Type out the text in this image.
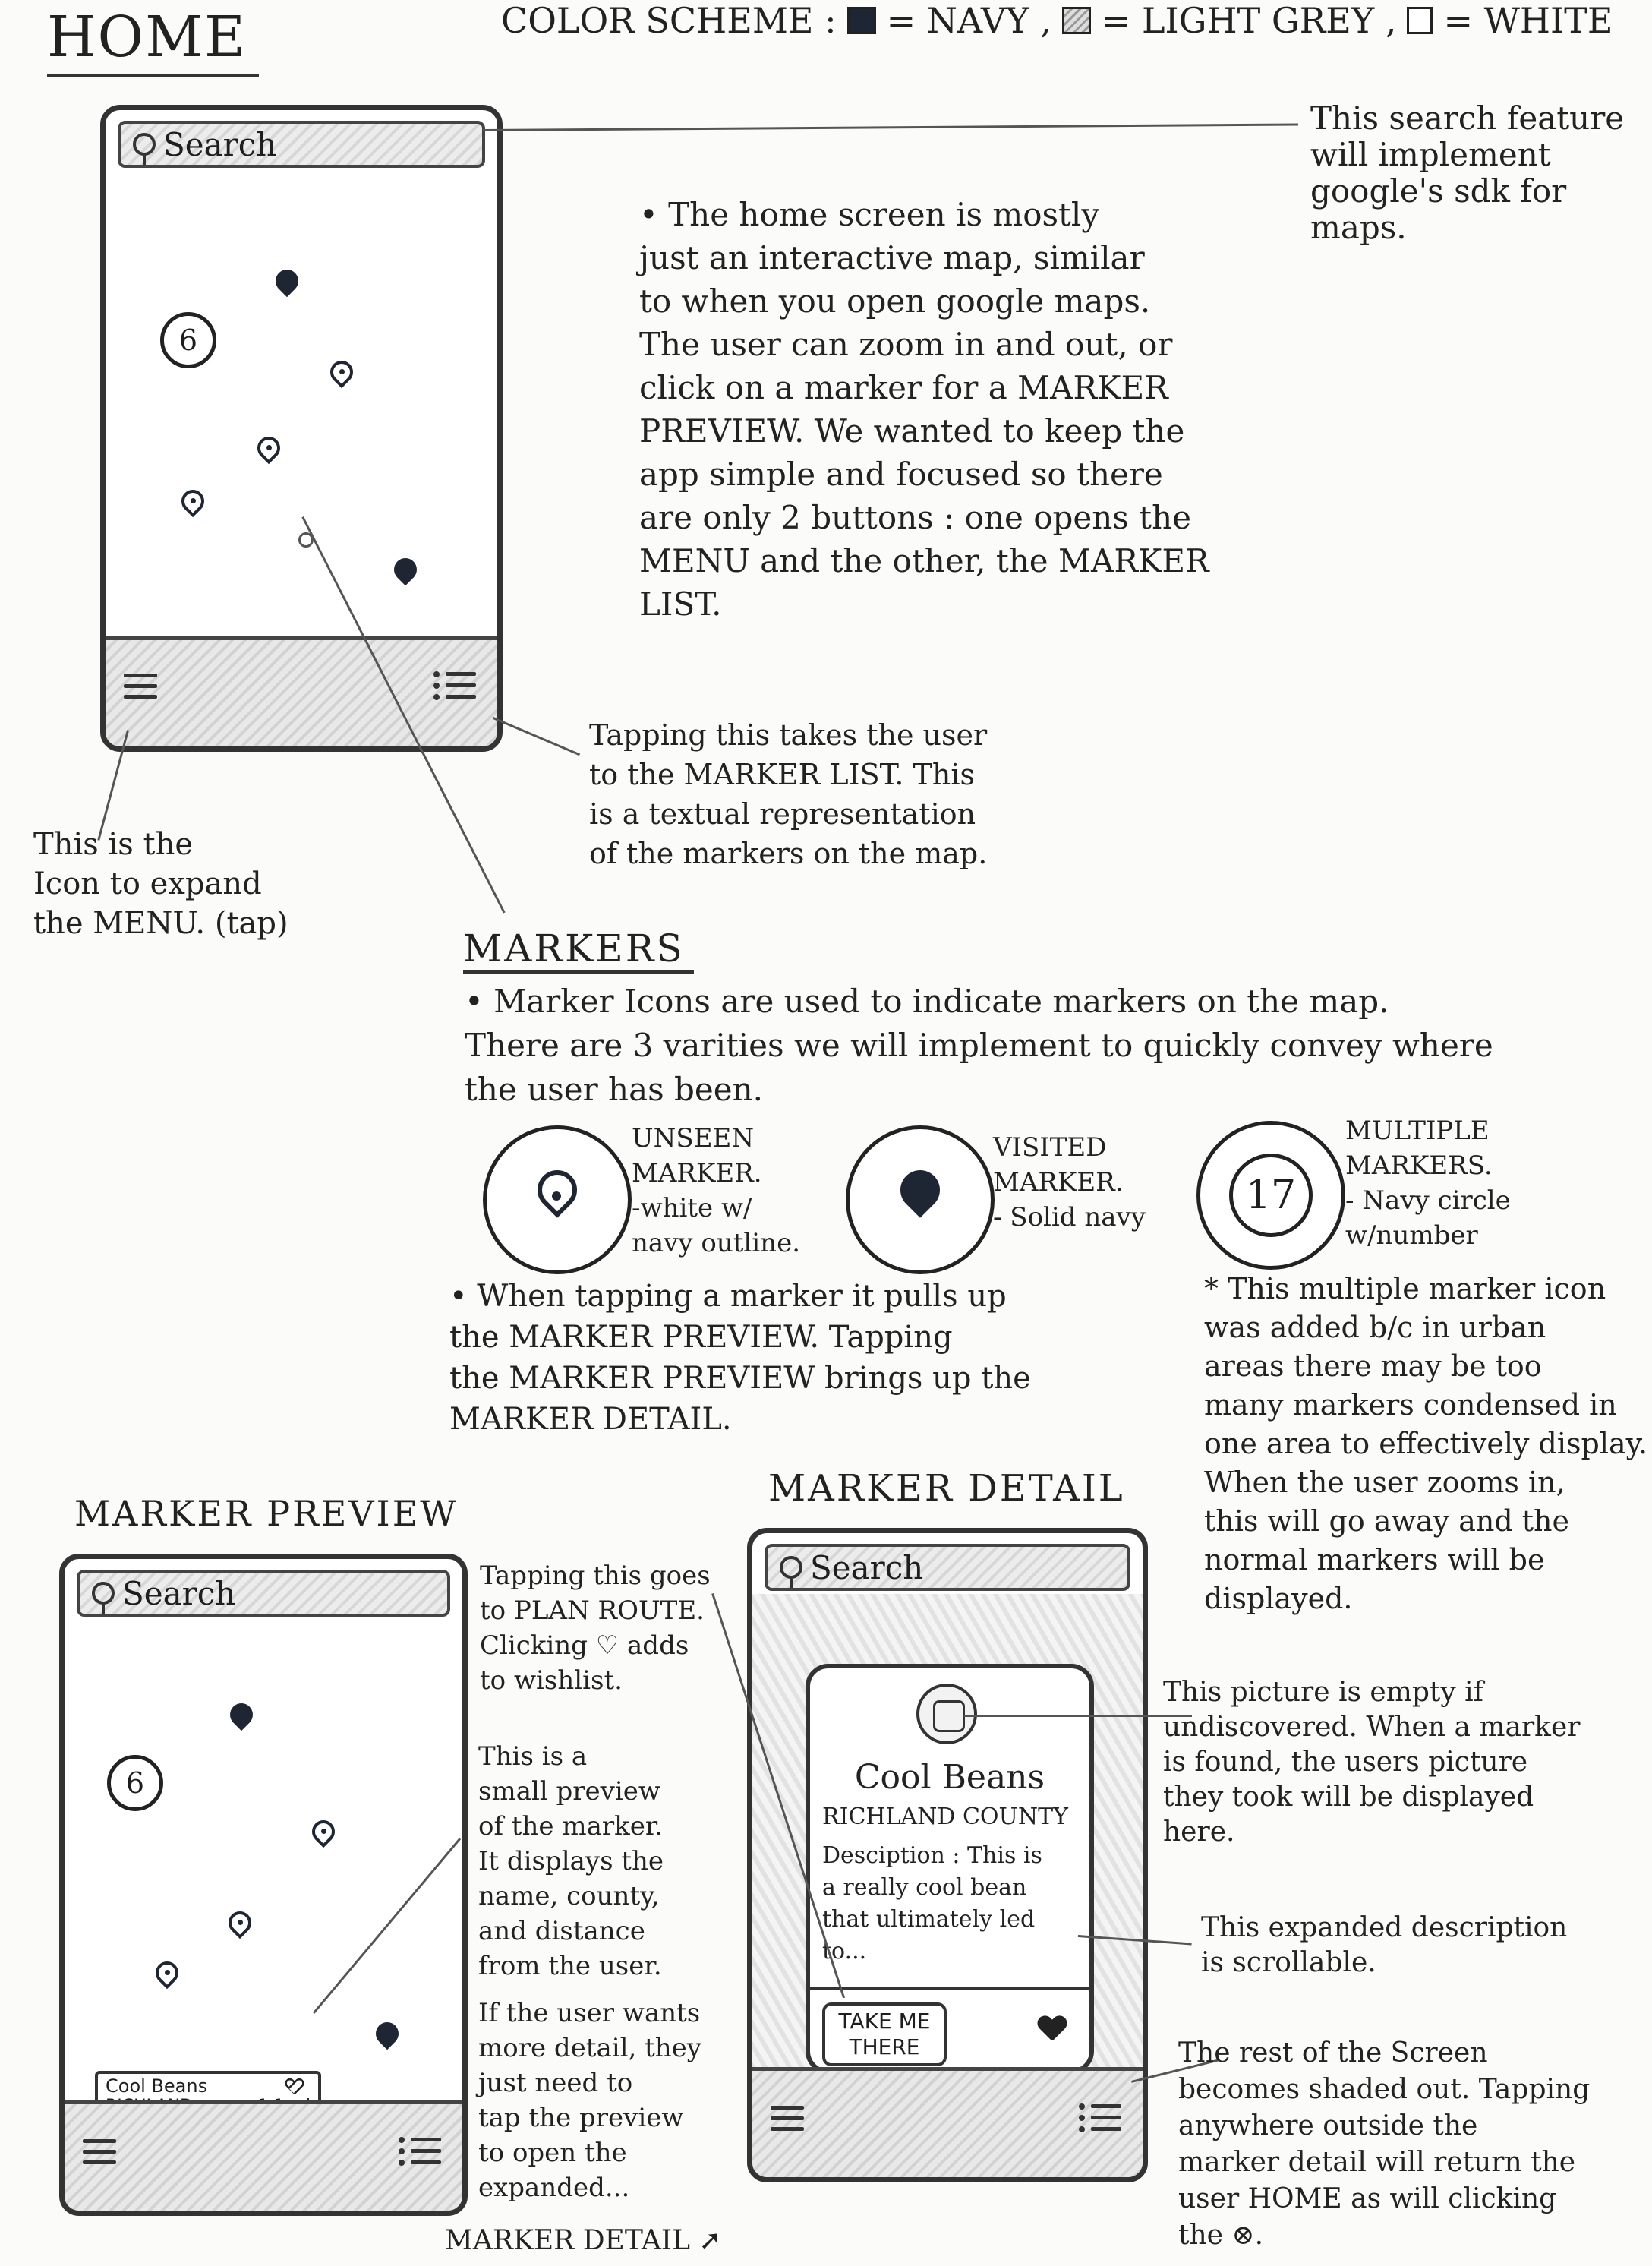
HOME	COLOR SCHEME : = NAVY , = LIGHT GREY , = WHITE
Search
6
• The home screen is mostly
just an interactive map, similar
to when you open google maps.
The user can zoom in and out, or
click on a marker for a MARKER
PREVIEW. We wanted to keep the
app simple and focused so there
are only 2 buttons : one opens the
MENU and the other, the MARKER
LIST.
This search feature
will implement
google's sdk for
maps.
Tapping this takes the user
to the MARKER LIST. This
is a textual representation
of the markers on the map.
This is the
Icon to expand
the MENU. (tap)
MARKERS
• Marker Icons are used to indicate markers on the map.
There are 3 varities we will implement to quickly convey where
the user has been.
UNSEEN
MARKER.
-white w/
navy outline.
VISITED
MARKER.
- Solid navy	17
MULTIPLE
MARKERS.
- Navy circle
w/number
• When tapping a marker it pulls up
the MARKER PREVIEW. Tapping
the MARKER PREVIEW brings up the
MARKER DETAIL.
* This multiple marker icon
was added b/c in urban
areas there may be too
many markers condensed in
one area to effectively display.
When the user zooms in,
this will go away and the
normal markers will be
displayed.
MARKER PREVIEW
Search
6
Cool Beans
Tapping this goes
to PLAN ROUTE.
Clicking ♡ adds
to wishlist.
This is a
small preview
of the marker.
It displays the
name, county,
and distance
from the user.
If the user wants
more detail, they
just need to
tap the preview
to open the
expanded...
MARKER DETAIL ➚
MARKER DETAIL
Search
Cool Beans
RICHLAND COUNTY
Desciption : This is
a really cool bean
that ultimately led
to...
TAKE ME
THERE
This picture is empty if
undiscovered. When a marker
is found, the users picture
they took will be displayed
here.
This expanded description
is scrollable.
The rest of the Screen
becomes shaded out. Tapping
anywhere outside the
marker detail will return the
user HOME as will clicking
the ⊗.
